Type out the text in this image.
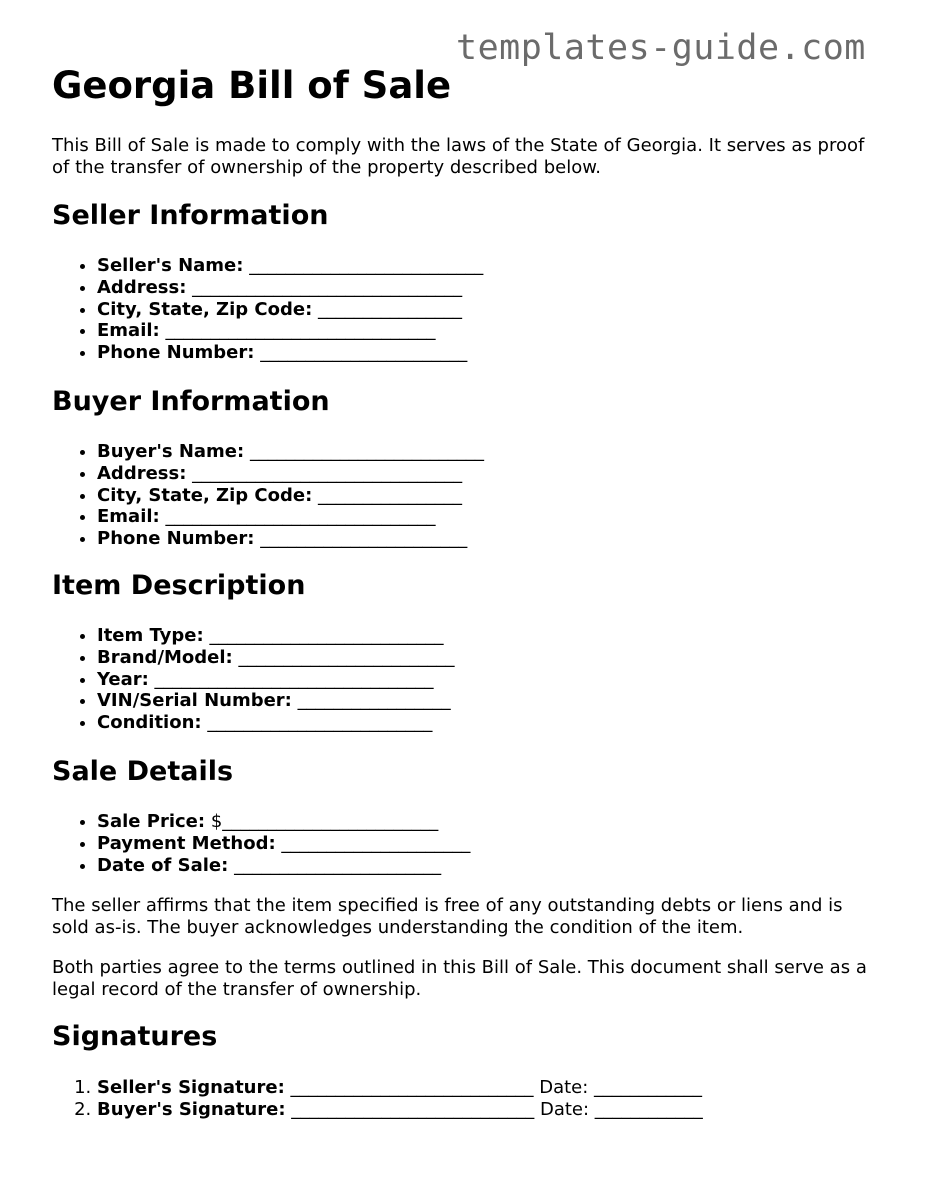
templates-guide.com

Georgia Bill of Sale

This Bill of Sale is made to comply with the laws of the State of Georgia. It serves as proof of the transfer of ownership of the property described below.

Seller Information
• Seller's Name: __________________________
• Address: ______________________________
• City, State, Zip Code: ________________
• Email: ______________________________
• Phone Number: _______________________
Buyer Information
• Buyer's Name: __________________________
• Address: ______________________________
• City, State, Zip Code: ________________
• Email: ______________________________
• Phone Number: _______________________
Item Description
• Item Type: __________________________
• Brand/Model: ________________________
• Year: _______________________________
• VIN/Serial Number: _________________
• Condition: _________________________
Sale Details
• Sale Price: $________________________
• Payment Method: _____________________
• Date of Sale: _______________________

The seller affirms that the item specified is free of any outstanding debts or liens and is sold as-is. The buyer acknowledges understanding the condition of the item.

Both parties agree to the terms outlined in this Bill of Sale. This document shall serve as a legal record of the transfer of ownership.

Signatures
1. Seller's Signature: ___________________________ Date: ____________
2. Buyer's Signature: ___________________________ Date: ____________
